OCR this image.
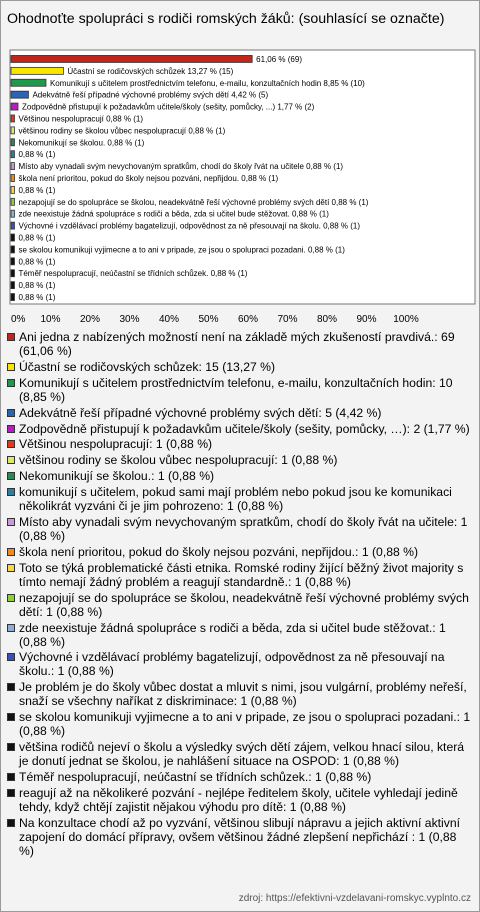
Ohodnoťte spolupráci s rodiči romských žáků: (souhlasící se označte)
61,06 % (69)
Účastní se rodičovských schůzek 13,27 % (15)
Komunikují s učitelem prostřednictvím telefonu, e-mailu, konzultačních hodin 8,85 % (10)
Adekvátně řeší případné výchovné problémy svých dětí 4,42 % (5)
Zodpovědně přistupují k požadavkům učitele/školy (sešity, pomůcky, ...) 1,77 % (2)
Většinou nespolupracují 0,88 % (1)
většinou rodiny se školou vůbec nespolupracují 0,88 % (1)
Nekomunikují se školou. 0,88 % (1)
0,88 % (1)
Místo aby vynadali svým nevychovaným spratkům, chodí do školy řvát na učitele 0,88 % (1)
škola není prioritou, pokud do školy nejsou pozváni, nepřijdou. 0,88 % (1)
0,88 % (1)
nezapojují se do spolupráce se školou, neadekvátně řeší výchovné problémy svých dětí 0,88 % (1)
zde neexistuje žádná spolupráce s rodiči a běda, zda si učitel bude stěžovat. 0,88 % (1)
Výchovné i vzdělávací problémy bagatelizují, odpovědnost za ně přesouvají na školu. 0,88 % (1)
0,88 % (1)
se skolou komunikuji vyjimecne a to ani v pripade, ze jsou o spolupraci pozadani. 0,88 % (1)
0,88 % (1)
Téměř nespolupracují, neúčastní se třídních schůzek. 0,88 % (1)
0,88 % (1)
0,88 % (1)
0% 10% 20% 30% 40% 50% 60% 70% 80% 90% 100%
Ani jedna z nabízených možností není na základě mých zkušeností pravdivá.: 69 (61,06 %)
Účastní se rodičovských schůzek: 15 (13,27 %)
Komunikují s učitelem prostřednictvím telefonu, e-mailu, konzultačních hodin: 10 (8,85 %)
Adekvátně řeší případné výchovné problémy svých dětí: 5 (4,42 %)
Zodpovědně přistupují k požadavkům učitele/školy (sešity, pomůcky, …): 2 (1,77 %)
Většinou nespolupracují: 1 (0,88 %)
většinou rodiny se školou vůbec nespolupracují: 1 (0,88 %)
Nekomunikují se školou.: 1 (0,88 %)
komunikují s učitelem, pokud sami mají problém nebo pokud jsou ke komunikaci několikrát vyzváni či je jim pohrozeno: 1 (0,88 %)
Místo aby vynadali svým nevychovaným spratkům, chodí do školy řvát na učitele: 1 (0,88 %)
škola není prioritou, pokud do školy nejsou pozváni, nepřijdou.: 1 (0,88 %)
Toto se týká problematické části etnika. Romské rodiny žijící běžný život majority s tímto nemají žádný problém a reagují standardně.: 1 (0,88 %)
nezapojují se do spolupráce se školou, neadekvátně řeší výchovné problémy svých dětí: 1 (0,88 %)
zde neexistuje žádná spolupráce s rodiči a běda, zda si učitel bude stěžovat.: 1 (0,88 %)
Výchovné i vzdělávací problémy bagatelizují, odpovědnost za ně přesouvají na školu.: 1 (0,88 %)
Je problém je do školy vůbec dostat a mluvit s nimi, jsou vulgární, problémy neřeší, snaží se všechny naříkat z diskriminace: 1 (0,88 %)
se skolou komunikuji vyjimecne a to ani v pripade, ze jsou o spolupraci pozadani.: 1 (0,88 %)
většina rodičů nejeví o školu a výsledky svých dětí zájem, velkou hnací silou, která je donutí jednat se školou, je nahlášení situace na OSPOD: 1 (0,88 %)
Téměř nespolupracují, neúčastní se třídních schůzek.: 1 (0,88 %)
reagují až na několikeré pozvání - nejlépe ředitelem školy, učitele vyhledají jedině tehdy, když chtějí zajistit nějakou výhodu pro dítě: 1 (0,88 %)
Na konzultace chodí až po vyzvání, většinou slibují nápravu a jejich aktivní aktivní zapojení do domácí přípravy, ovšem většinou žádné zlepšení nepřichází : 1 (0,88 %)
zdroj: https://efektivni-vzdelavani-romskyc.vyplnto.cz
